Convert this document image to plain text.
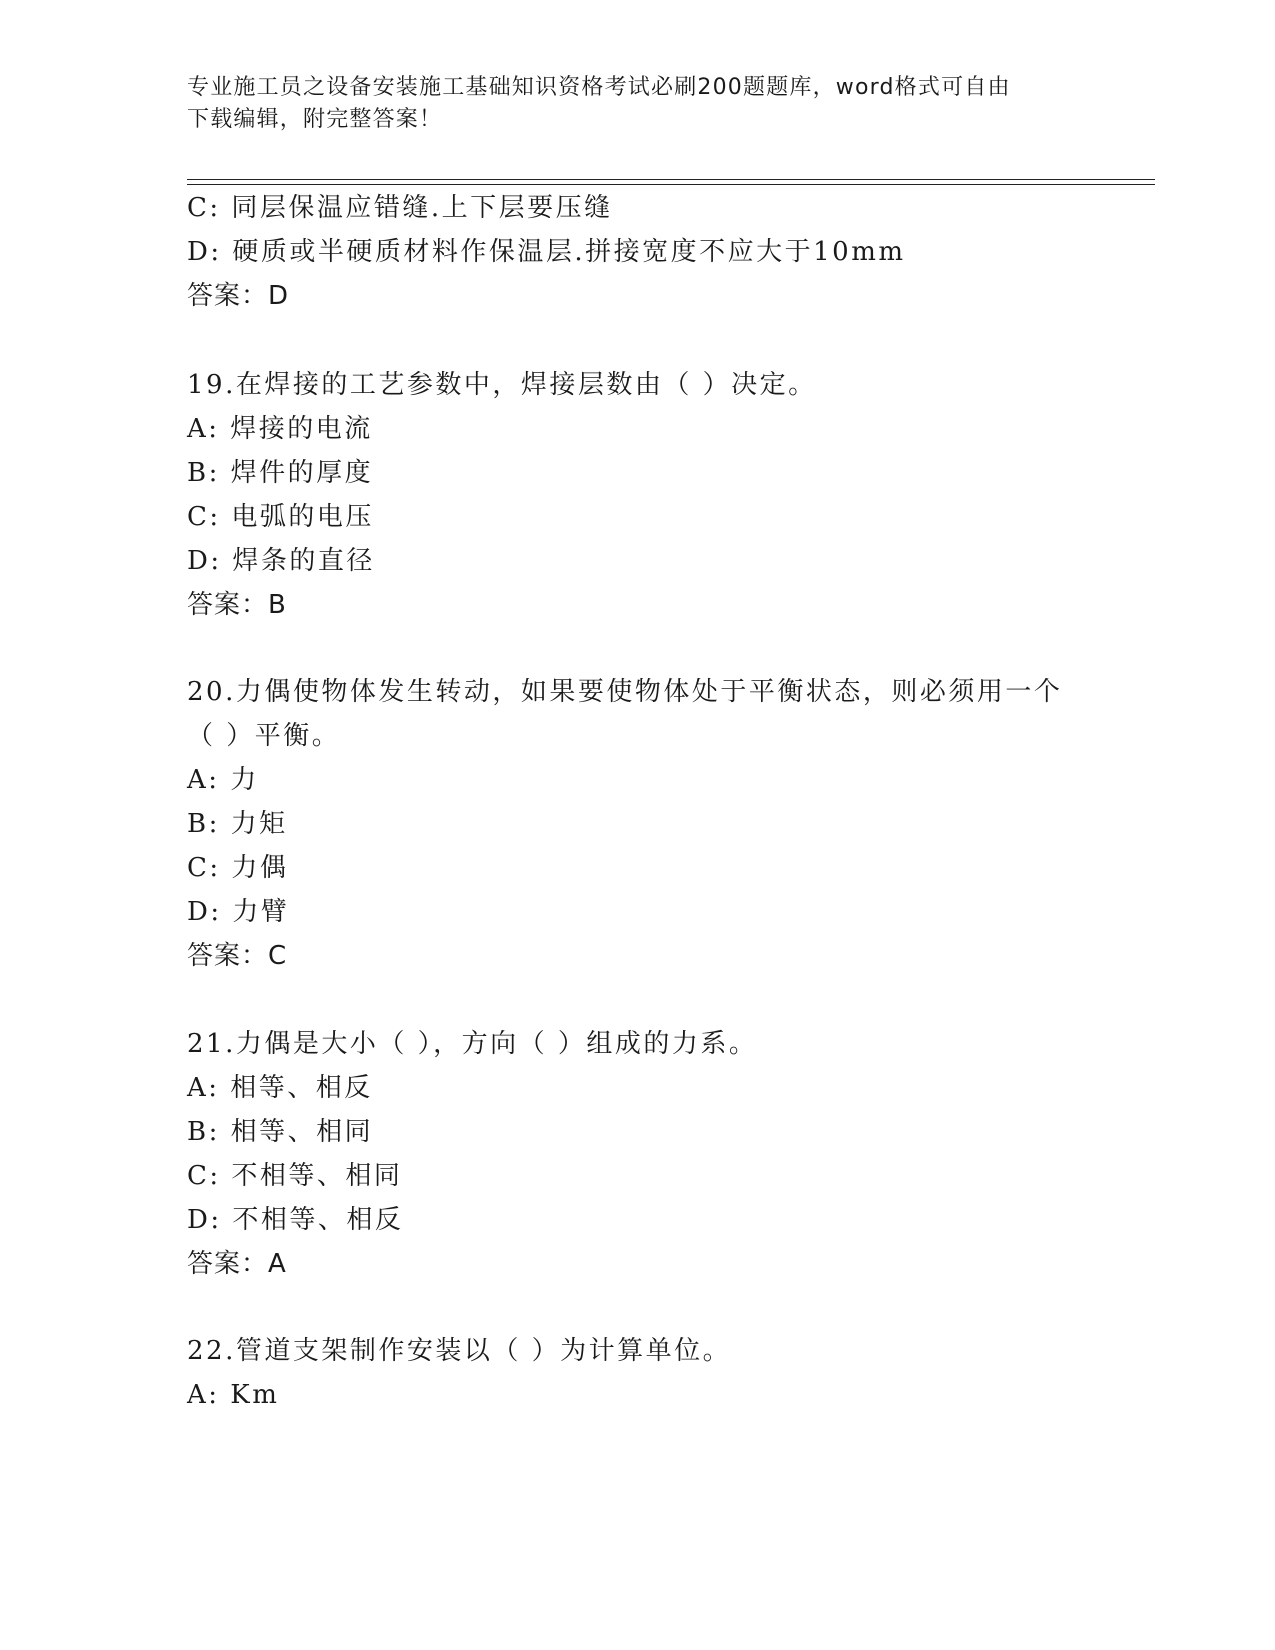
专业施工员之设备安装施工基础知识资格考试必刷200题题库，word格式可自由
下载编辑，附完整答案！
C: 同层保温应错缝.上下层要压缝
D: 硬质或半硬质材料作保温层.拼接宽度不应大于10mm
答案：D
19.在焊接的工艺参数中，焊接层数由（ ）决定。
A: 焊接的电流
B: 焊件的厚度
C: 电弧的电压
D: 焊条的直径
答案：B
20.力偶使物体发生转动，如果要使物体处于平衡状态，则必须用一个
（ ）平衡。
A: 力
B: 力矩
C: 力偶
D: 力臂
答案：C
21.力偶是大小（ ），方向（ ）组成的力系。
A: 相等、相反
B: 相等、相同
C: 不相等、相同
D: 不相等、相反
答案：A
22.管道支架制作安装以（ ）为计算单位。
A: Km
